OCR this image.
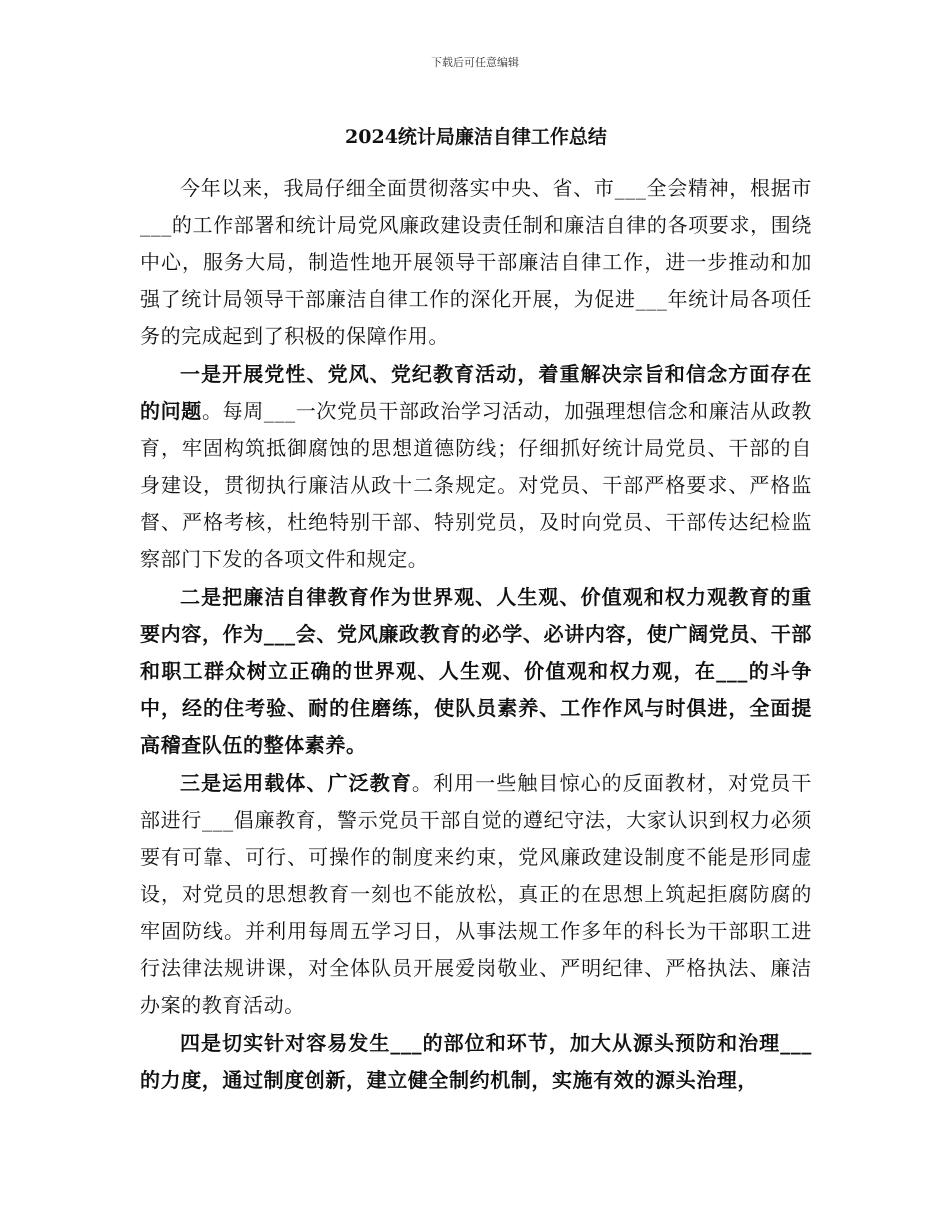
下载后可任意编辑
2024统计局廉洁自律工作总结

今年以来，我局仔细全面贯彻落实中央、省、市___全会精神，根据市___的工作部署和统计局党风廉政建设责任制和廉洁自律的各项要求，围绕中心，服务大局，制造性地开展领导干部廉洁自律工作，进一步推动和加强了统计局领导干部廉洁自律工作的深化开展，为促进___年统计局各项任务的完成起到了积极的保障作用。

一是开展党性、党风、党纪教育活动，着重解决宗旨和信念方面存在的问题。每周___一次党员干部政治学习活动，加强理想信念和廉洁从政教育，牢固构筑抵御腐蚀的思想道德防线；仔细抓好统计局党员、干部的自身建设，贯彻执行廉洁从政十二条规定。对党员、干部严格要求、严格监督、严格考核，杜绝特别干部、特别党员，及时向党员、干部传达纪检监察部门下发的各项文件和规定。

二是把廉洁自律教育作为世界观、人生观、价值观和权力观教育的重要内容，作为___会、党风廉政教育的必学、必讲内容，使广阔党员、干部和职工群众树立正确的世界观、人生观、价值观和权力观，在___的斗争中，经的住考验、耐的住磨练，使队员素养、工作作风与时俱进，全面提高稽查队伍的整体素养。

三是运用载体、广泛教育。利用一些触目惊心的反面教材，对党员干部进行___倡廉教育，警示党员干部自觉的遵纪守法，大家认识到权力必须要有可靠、可行、可操作的制度来约束，党风廉政建设制度不能是形同虚设，对党员的思想教育一刻也不能放松，真正的在思想上筑起拒腐防腐的牢固防线。并利用每周五学习日，从事法规工作多年的科长为干部职工进行法律法规讲课，对全体队员开展爱岗敬业、严明纪律、严格执法、廉洁办案的教育活动。

四是切实针对容易发生___的部位和环节，加大从源头预防和治理___的力度，通过制度创新，建立健全制约机制，实施有效的源头治理，
